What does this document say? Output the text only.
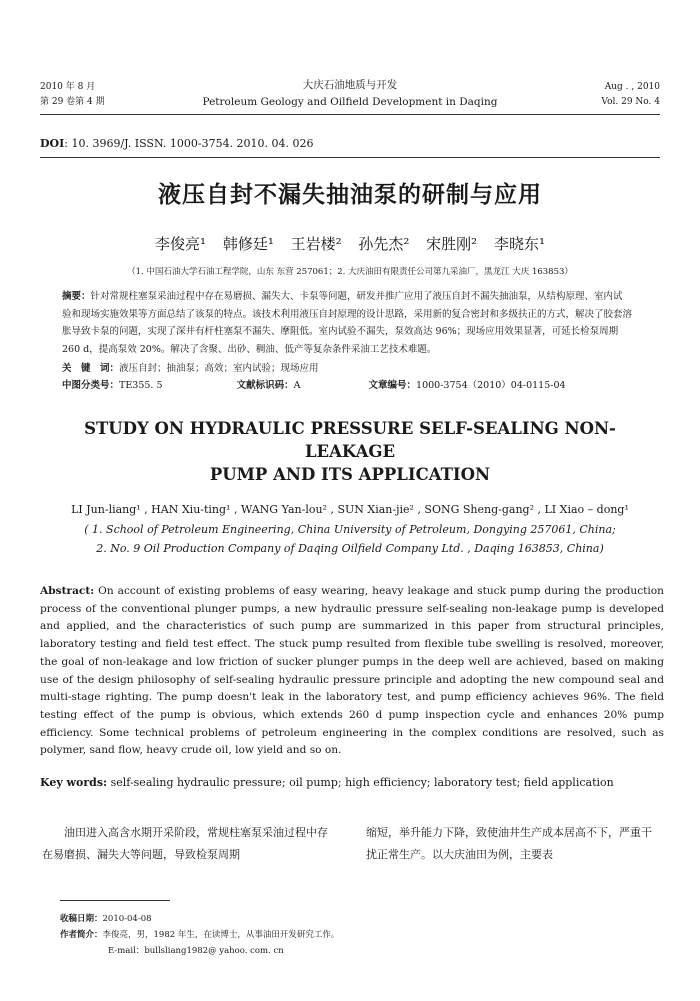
2010 年 8 月
第 29 卷第 4 期
大庆石油地质与开发
Petroleum Geology and Oilfield Development in Daqing
Aug . , 2010
Vol. 29 No. 4
DOI: 10. 3969/J. ISSN. 1000-3754. 2010. 04. 026
液压自封不漏失抽油泵的研制与应用
李俊亮¹ 韩修廷¹ 王岩楼² 孙先杰² 宋胜刚² 李晓东¹
（1. 中国石油大学石油工程学院，山东 东营 257061；2. 大庆油田有限责任公司第九采油厂，黑龙江 大庆 163853）
摘要：针对常规柱塞泵采油过程中存在易磨损、漏失大、卡泵等问题，研发并推广应用了液压自封不漏失抽油泵，从结构原理、室内试验和现场实施效果等方面总结了该泵的特点。该技术利用液压自封原理的设计思路，采用新的复合密封和多级扶正的方式，解决了胶套溶胀导致卡泵的问题，实现了深井有杆柱塞泵不漏失、摩阻低。室内试验不漏失，泵效高达 96%；现场应用效果显著，可延长检泵周期 260 d，提高泵效 20%。解决了含聚、出砂、稠油、低产等复杂条件采油工艺技术难题。
关　键　词：液压自封；抽油泵；高效；室内试验；现场应用
中图分类号：TE355. 5	文献标识码：A	文章编号：1000-3754（2010）04-0115-04
STUDY ON HYDRAULIC PRESSURE SELF-SEALING NON-LEAKAGE
PUMP AND ITS APPLICATION
LI Jun-liang¹ , HAN Xiu-ting¹ , WANG Yan-lou² , SUN Xian-jie² , SONG Sheng-gang² , LI Xiao – dong¹
( 1. School of Petroleum Engineering, China University of Petroleum, Dongying 257061, China;
2. No. 9 Oil Production Company of Daqing Oilfield Company Ltd. , Daqing 163853, China)
Abstract: On account of existing problems of easy wearing, heavy leakage and stuck pump during the production process of the conventional plunger pumps, a new hydraulic pressure self-sealing non-leakage pump is developed and applied, and the characteristics of such pump are summarized in this paper from structural principles, laboratory testing and field test effect. The stuck pump resulted from flexible tube swelling is resolved, moreover, the goal of non-leakage and low friction of sucker plunger pumps in the deep well are achieved, based on making use of the design philosophy of self-sealing hydraulic pressure principle and adopting the new compound seal and multi-stage righting. The pump doesn't leak in the laboratory test, and pump efficiency achieves 96%. The field testing effect of the pump is obvious, which extends 260 d pump inspection cycle and enhances 20% pump efficiency. Some technical problems of petroleum engineering in the complex conditions are resolved, such as polymer, sand flow, heavy crude oil, low yield and so on.
Key words: self-sealing hydraulic pressure; oil pump; high efficiency; laboratory test; field application
油田进入高含水期开采阶段，常规柱塞泵采油过程中存在易磨损、漏失大等问题，导致检泵周期
缩短，举升能力下降，致使油井生产成本居高不下，严重干扰正常生产。以大庆油田为例，主要表
收稿日期：2010-04-08
作者简介：李俊亮，男，1982 年生，在读博士，从事油田开发研究工作。
E-mail：bullsliang1982@ yahoo. com. cn
